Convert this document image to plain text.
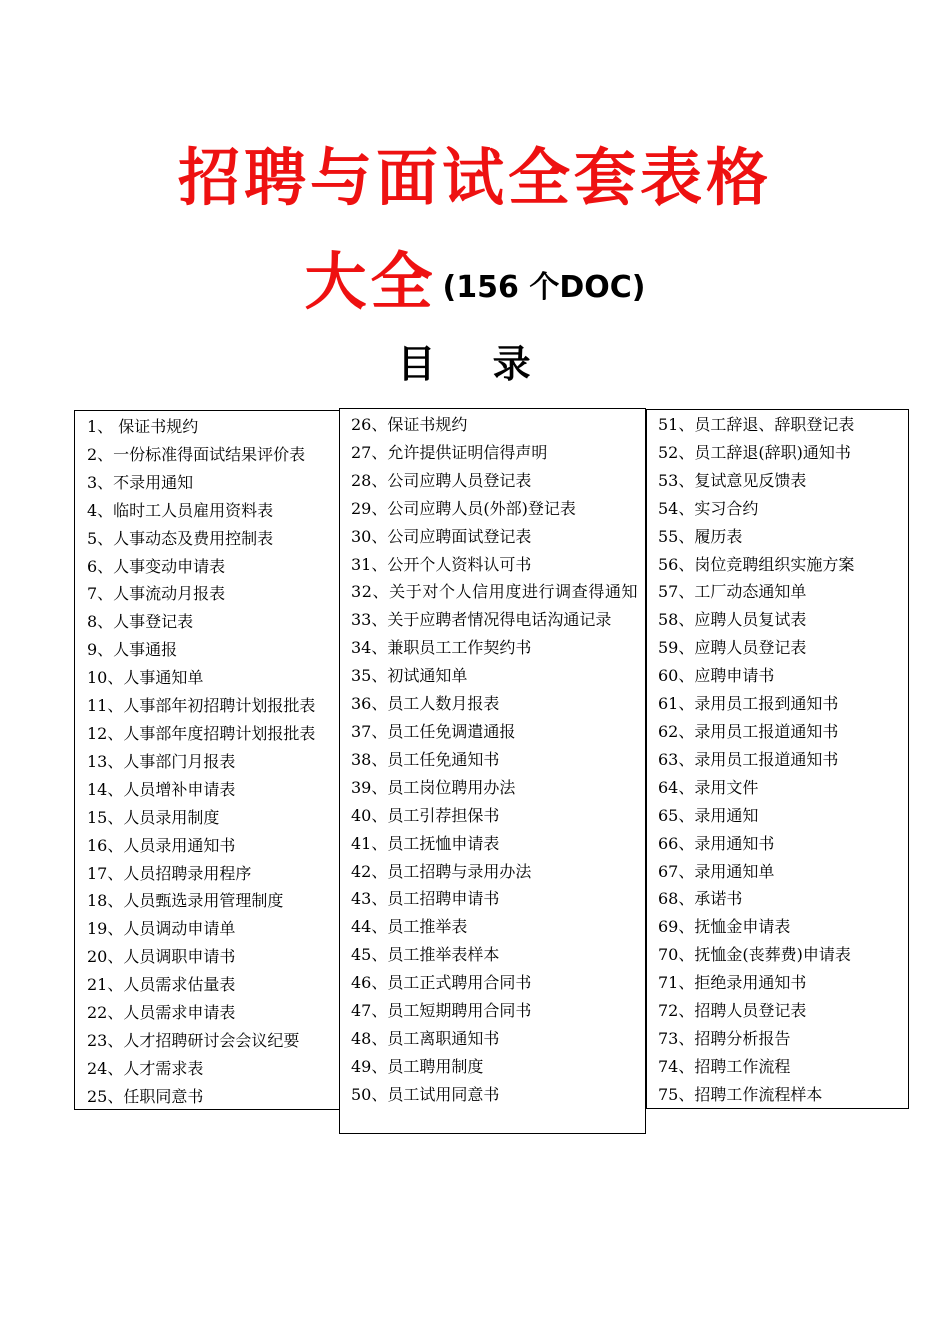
招聘与面试全套表格
大全 (156 个DOC)
目 录
1、 保证书规约
2、一份标准得面试结果评价表
3、不录用通知
4、临时工人员雇用资料表
5、人事动态及费用控制表
6、人事变动申请表
7、人事流动月报表
8、人事登记表
9、人事通报
10、人事通知单
11、人事部年初招聘计划报批表
12、人事部年度招聘计划报批表
13、人事部门月报表
14、人员增补申请表
15、人员录用制度
16、人员录用通知书
17、人员招聘录用程序
18、人员甄选录用管理制度
19、人员调动申请单
20、人员调职申请书
21、人员需求估量表
22、人员需求申请表
23、人才招聘研讨会会议纪要
24、人才需求表
25、任职同意书
26、保证书规约
27、允许提供证明信得声明
28、公司应聘人员登记表
29、公司应聘人员(外部)登记表
30、公司应聘面试登记表
31、公开个人资料认可书
32、关于对个人信用度进行调查得通知
33、关于应聘者情况得电话沟通记录
34、兼职员工工作契约书
35、初试通知单
36、员工人数月报表
37、员工任免调遣通报
38、员工任免通知书
39、员工岗位聘用办法
40、员工引荐担保书
41、员工抚恤申请表
42、员工招聘与录用办法
43、员工招聘申请书
44、员工推举表
45、员工推举表样本
46、员工正式聘用合同书
47、员工短期聘用合同书
48、员工离职通知书
49、员工聘用制度
50、员工试用同意书
51、员工辞退、辞职登记表
52、员工辞退(辞职)通知书
53、复试意见反馈表
54、实习合约
55、履历表
56、岗位竞聘组织实施方案
57、工厂动态通知单
58、应聘人员复试表
59、应聘人员登记表
60、应聘申请书
61、录用员工报到通知书
62、录用员工报道通知书
63、录用员工报道通知书
64、录用文件
65、录用通知
66、录用通知书
67、录用通知单
68、承诺书
69、抚恤金申请表
70、抚恤金(丧葬费)申请表
71、拒绝录用通知书
72、招聘人员登记表
73、招聘分析报告
74、招聘工作流程
75、招聘工作流程样本
